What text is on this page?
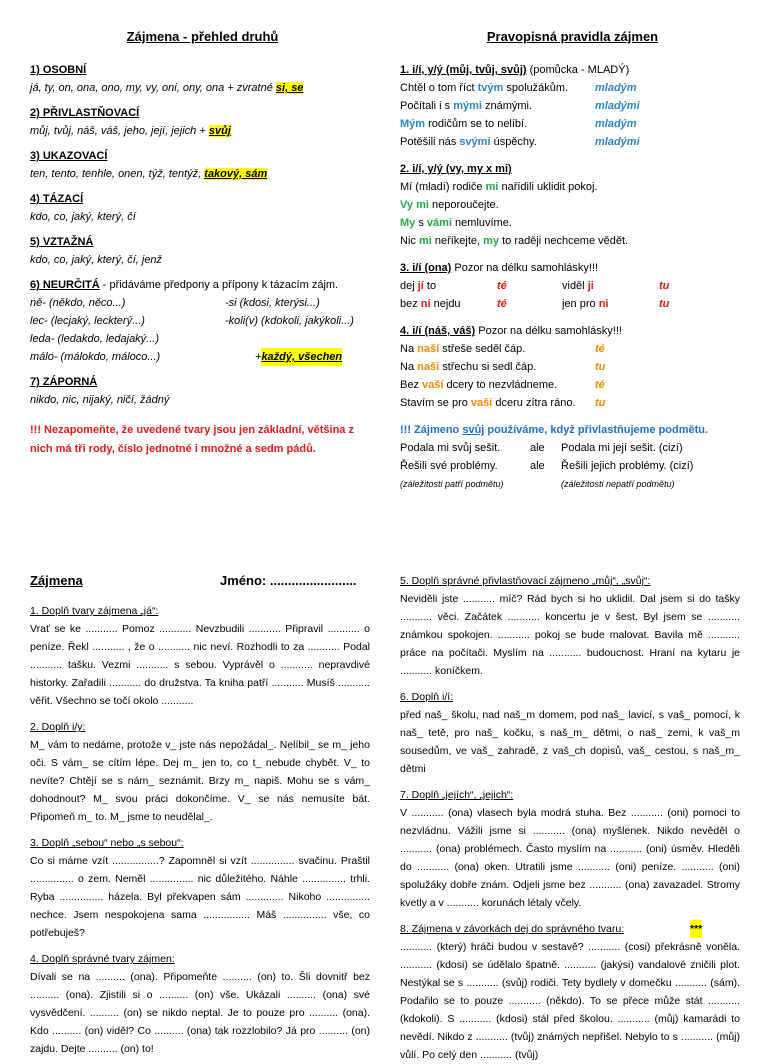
Zájmena - přehled druhů
1) OSOBNÍ
já, ty, on, ona, ono, my, vy, oni, ony, ona + zvratné si, se
2) PŘIVLASTŇOVACÍ
můj, tvůj, náš, váš, jeho, její, jejich + svůj
3) UKAZOVACÍ
ten, tento, tenhle, onen, týž, tentýž, takový, sám
4) TÁZACÍ
kdo, co, jaký, který, čí
5) VZTAŽNÁ
kdo, co, jaký, který, čí, jenž
6) NEURČITÁ - přidáváme předpony a přípony k tázacím zájm.
ně- (někdo, něco...)	-si (kdosi, kterýsi...)
lec- (lecjaký, leckterý...)	-koli(v) (kdokoli, jakýkoli...)
leda- (ledakdo, ledajaký...)
málo- (málokdo, máloco...)	+ každý, všechen
7) ZÁPORNÁ
nikdo, nic, nijaký, ničí, žádný
!!! Nezapomeňte, že uvedené tvary jsou jen základní, většina z nich má tři rody, číslo jednotné i množné a sedm pádů.
Pravopisná pravidla zájmen
1. i/í, y/ý (můj, tvůj, svůj) (pomůcka - MLADÝ)
Chtěl o tom říct tvým spolužákům.	mladým
Počítali i s mými známými.	mladými
Mým rodičům se to nelíbí.	mladým
Potěšili nás svými úspěchy.	mladými
2. i/í, y/ý (vy, my x mi)
Mí (mladí) rodiče mi nařídili uklidit pokoj.
Vy mi neporoučejte.
My s vámi nemluvíme.
Nic mi neříkejte, my to raději nechceme vědět.
3. i/í (ona) Pozor na délku samohlásky!!!
dej jí to	té	viděl ji	tu
bez ní nejdu	té	jen pro ni	tu
4. i/í (náš, váš) Pozor na délku samohlásky!!!
Na naší střeše seděl čáp.	té
Na naši střechu si sedl čáp.	tu
Bez vaší dcery to nezvládneme.	té
Stavím se pro vaši dceru zítra ráno.	tu
!!! Zájmeno svůj používáme, když přivlastňujeme podmětu.
Podala mi svůj sešit.	ale	Podala mi její sešit. (cizí)
Řešili své problémy.	ale	Řešili jejich problémy. (cizí)
(záležitosti patří podmětu)	(záležitosti nepatří podmětu)
Zájmena	Jméno: ........................
1. Doplň tvary zájmena „já“:
Vrať se ke ........... Pomoz ........... Nevzbudili ........... Připravil ........... o peníze. Řekl ........... , že o ........... nic neví. Rozhodli to za ........... Podal ........... tašku. Vezmi ........... s sebou. Vyprávěl o ........... nepravdivé historky. Zařadili ........... do družstva. Ta kniha patří ........... Musíš ........... věřit. Všechno se točí okolo ...........
2. Doplň i/y:
M_ vám to nedáme, protože v_ jste nás nepožádal_. Nelíbil_ se m_ jeho oči. S vám_ se cítím lépe. Dej m_ jen to, co t_ nebude chybět. V_ to nevíte? Chtějí se s nám_ seznámit. Brzy m_ napiš. Mohu se s vám_ dohodnout? M_ svou práci dokončíme. V_ se nás nemusíte bát. Připomeň m_ to. M_ jsme to neudělal_.
3. Doplň „sebou“ nebo „s sebou“:
Co si máme vzít ................? Zapomněl si vzít ............... svačinu. Praštil ............... o zem. Neměl ............... nic důležitého. Náhle ............... trhli. Ryba ............... házela. Byl překvapen sám ............. Nikoho ............... nechce. Jsem nespokojena sama ................ Máš ............... vše, co potřebuješ?
4. Doplň správné tvary zájmen:
Dívali se na .......... (ona). Připomeňte .......... (on) to. Šli dovnitř bez .......... (ona). Zjistili si o .......... (on) vše. Ukázali .......... (ona) své vysvědčení. .......... (on) se nikdo neptal. Je to pouze pro .......... (ona). Kdo .......... (on) viděl? Co .......... (ona) tak rozzlobilo? Já pro .......... (on) zajdu. Dejte .......... (on) to!
5. Doplň správné přivlastňovací zájmeno „můj“, „svůj“:
Neviděli jste ........... míč? Rád bych si ho uklidil. Dal jsem si do tašky ........... věci. Začátek ........... koncertu je v šest. Byl jsem se ........... známkou spokojen. ........... pokoj se bude malovat. Bavila mě ........... práce na počítači. Myslím na ........... budoucnost. Hraní na kytaru je ........... koníčkem.
6. Doplň i/í:
před naš_ školu, nad naš_m domem, pod naš_ lavicí, s vaš_ pomocí, k naš_ tetě, pro naš_ kočku, s naš_m_ dětmi, o naš_ zemi, k vaš_m sousedům, ve vaš_ zahradě, z vaš_ch dopisů, vaš_ cestou, s naš_m_ dětmi
7. Doplň „jejích“, „jejich“:
V ........... (ona) vlasech byla modrá stuha. Bez ........... (oni) pomoci to nezvládnu. Vážili jsme si ........... (ona) myšlenek. Nikdo nevěděl o ........... (ona) problémech. Často myslím na ........... (oni) úsměv. Hleděli do ........... (ona) oken. Utratili jsme ........... (oni) peníze. ........... (oni) spolužáky dobře znám. Odjeli jsme bez ........... (ona) zavazadel. Stromy kvetly a v ........... korunách létaly včely.
8. Zájmena v závorkách dej do správného tvaru:	***
........... (který) hráči budou v sestavě? ........... (cosi) překrásně voněla. ........... (kdosi) se údělalo špatně. ........... (jakýsi) vandalové zničili plot. Nestýkal se s ........... (svůj) rodiči. Tety bydlely v domečku ........... (sám). Podařilo se to pouze ........... (někdo). To se přece může stát ........... (kdokoli). S ........... (kdosi) stál před školou. ........... (můj) kamarádi to nevědí. Nikdo z ........... (tvůj) známých nepřišel. Nebylo to s ........... (můj) vůlí. Po celý den ........... (tvůj)
